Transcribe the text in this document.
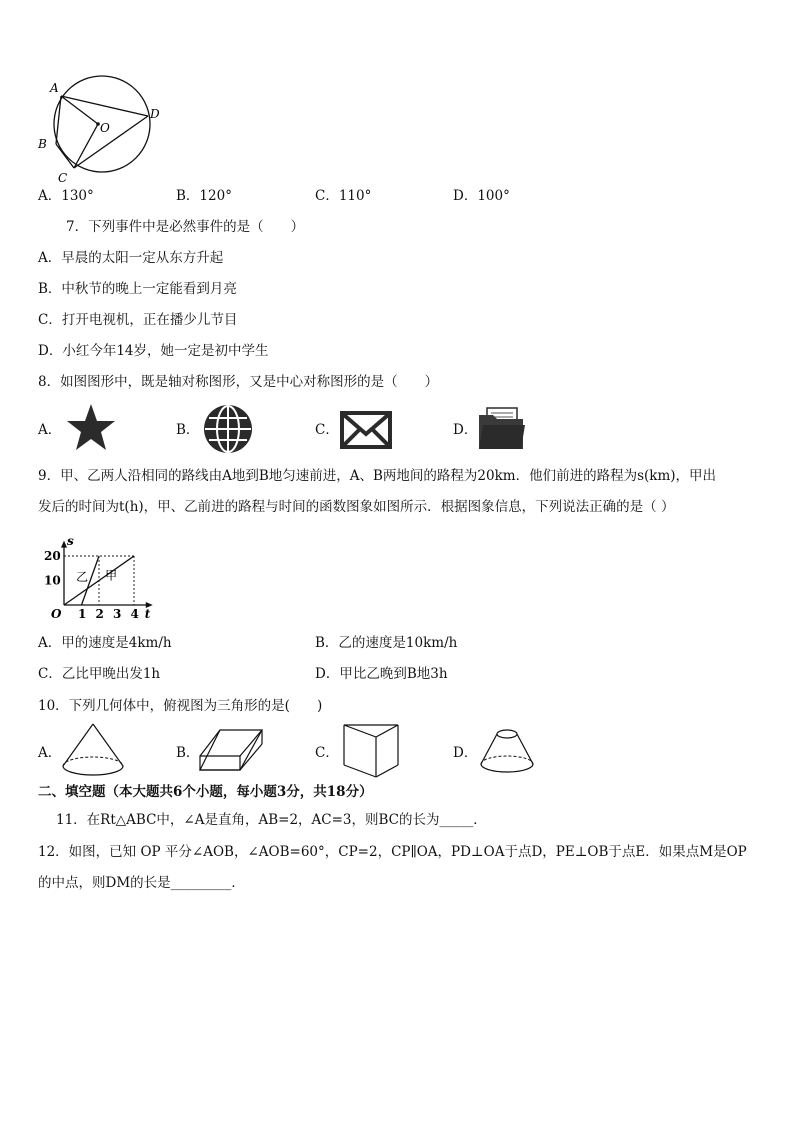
A
B
C
D
O
A．130°	B．120°	C．110°	D．100°
7．下列事件中是必然事件的是（　　）
A．早晨的太阳一定从东方升起
B．中秋节的晚上一定能看到月亮
C．打开电视机，正在播少儿节目
D．小红今年14岁，她一定是初中学生
8．如图图形中，既是轴对称图形，又是中心对称图形的是（　　）
A．	B．	C．	D．
9．甲、乙两人沿相同的路线由A地到B地匀速前进，A、B两地间的路程为20km．他们前进的路程为s(km)，甲出
发后的时间为t(h)，甲、乙前进的路程与时间的函数图象如图所示．根据图象信息，下列说法正确的是（ ）
20
10
1 2 3 4
O
s
t
乙 甲
A．甲的速度是4km/h	B．乙的速度是10km/h
C．乙比甲晚出发1h	D．甲比乙晚到B地3h
10．下列几何体中，俯视图为三角形的是(　　)
A．	B．	C．	D．
二、填空题（本大题共6个小题，每小题3分，共18分）
11．在Rt△ABC中，∠A是直角，AB=2，AC=3，则BC的长为_____．
12．如图，已知 OP 平分∠AOB，∠AOB=60°，CP=2，CP∥OA，PD⊥OA于点D，PE⊥OB于点E．如果点M是OP
的中点，则DM的长是_________．
